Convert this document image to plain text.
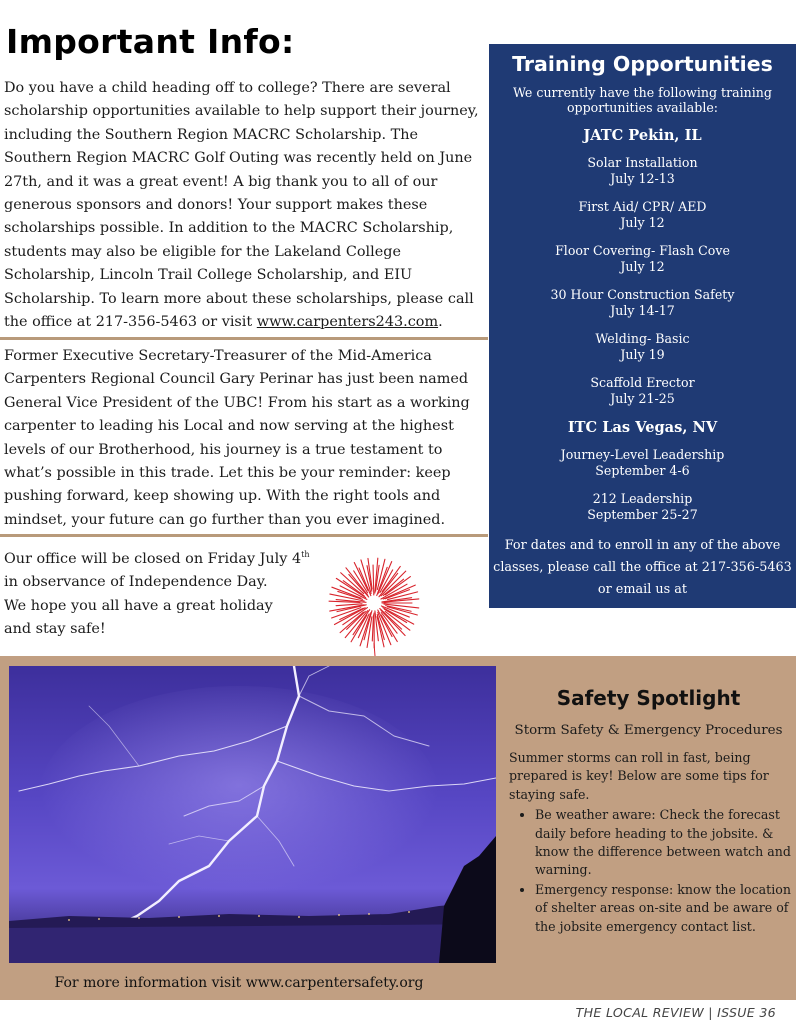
Important Info:

Do you have a child heading off to college? There are several scholarship opportunities available to help support their journey, including the Southern Region MACRC Scholarship. The Southern Region MACRC Golf Outing was recently held on June 27th, and it was a great event! A big thank you to all of our generous sponsors and donors! Your support makes these scholarships possible. In addition to the MACRC Scholarship, students may also be eligible for the Lakeland College Scholarship, Lincoln Trail College Scholarship, and EIU Scholarship. To learn more about these scholarships, please call the office at 217-356-5463 or visit www.carpenters243.com.

Former Executive Secretary-Treasurer of the Mid-America Carpenters Regional Council Gary Perinar has just been named General Vice President of the UBC! From his start as a working carpenter to leading his Local and now serving at the highest levels of our Brotherhood, his journey is a true testament to what’s possible in this trade. Let this be your reminder: keep pushing forward, keep showing up. With the right tools and mindset, your future can go further than you ever imagined.

Our office will be closed on Friday July 4th
in observance of Independence Day.
We hope you all have a great holiday
and stay safe!

Training Opportunities
We currently have the following training opportunities available:
JATC Pekin, IL
Solar Installation
July 12-13
First Aid/ CPR/ AED
July 12
Floor Covering- Flash Cove
July 12
30 Hour Construction Safety
July 14-17
Welding- Basic
July 19
Scaffold Erector
July 21-25
ITC Las Vegas, NV
Journey-Level Leadership
September 4-6
212 Leadership
September 25-27
For dates and to enroll in any of the above classes, please call the office at 217-356-5463 or email us at
For more information visit www.carpentersafety.org
Safety Spotlight
Storm Safety & Emergency Procedures
Summer storms can roll in fast, being prepared is key! Below are some tips for staying safe.
• Be weather aware: Check the forecast daily before heading to the jobsite. & know the difference between watch and warning.
• Emergency response: know the location of shelter areas on-site and be aware of the jobsite emergency contact list.
THE LOCAL REVIEW | ISSUE 36
